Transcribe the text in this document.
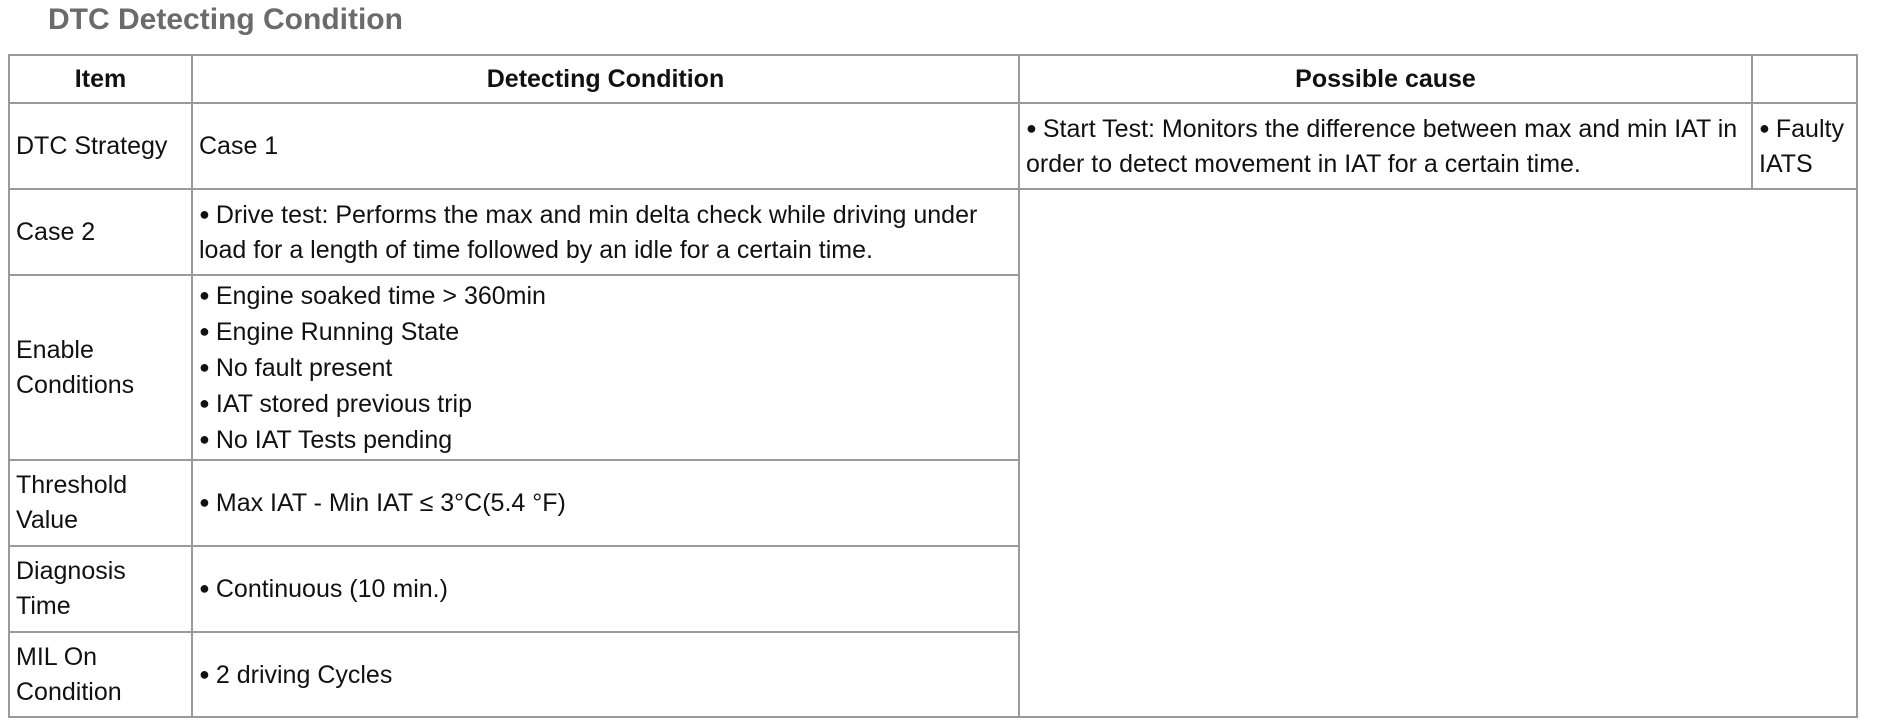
DTC Detecting Condition
Item	Detecting Condition	Possible cause	
DTC Strategy	Case 1	● Start Test: Monitors the difference between max and min IAT in order to detect movement in IAT for a certain time.	● Faulty IATS
Case 2	● Drive test: Performs the max and min delta check while driving under load for a length of time followed by an idle for a certain time.		
Enable Conditions	● Engine soaked time > 360min
● Engine Running State
● No fault present
● IAT stored previous trip
● No IAT Tests pending		

Threshold Value	● Max IAT - Min IAT ≤ 3°C(5.4 °F)		
Diagnosis Time	● Continuous (10 min.)		
MIL On Condition	● 2 driving Cycles		
